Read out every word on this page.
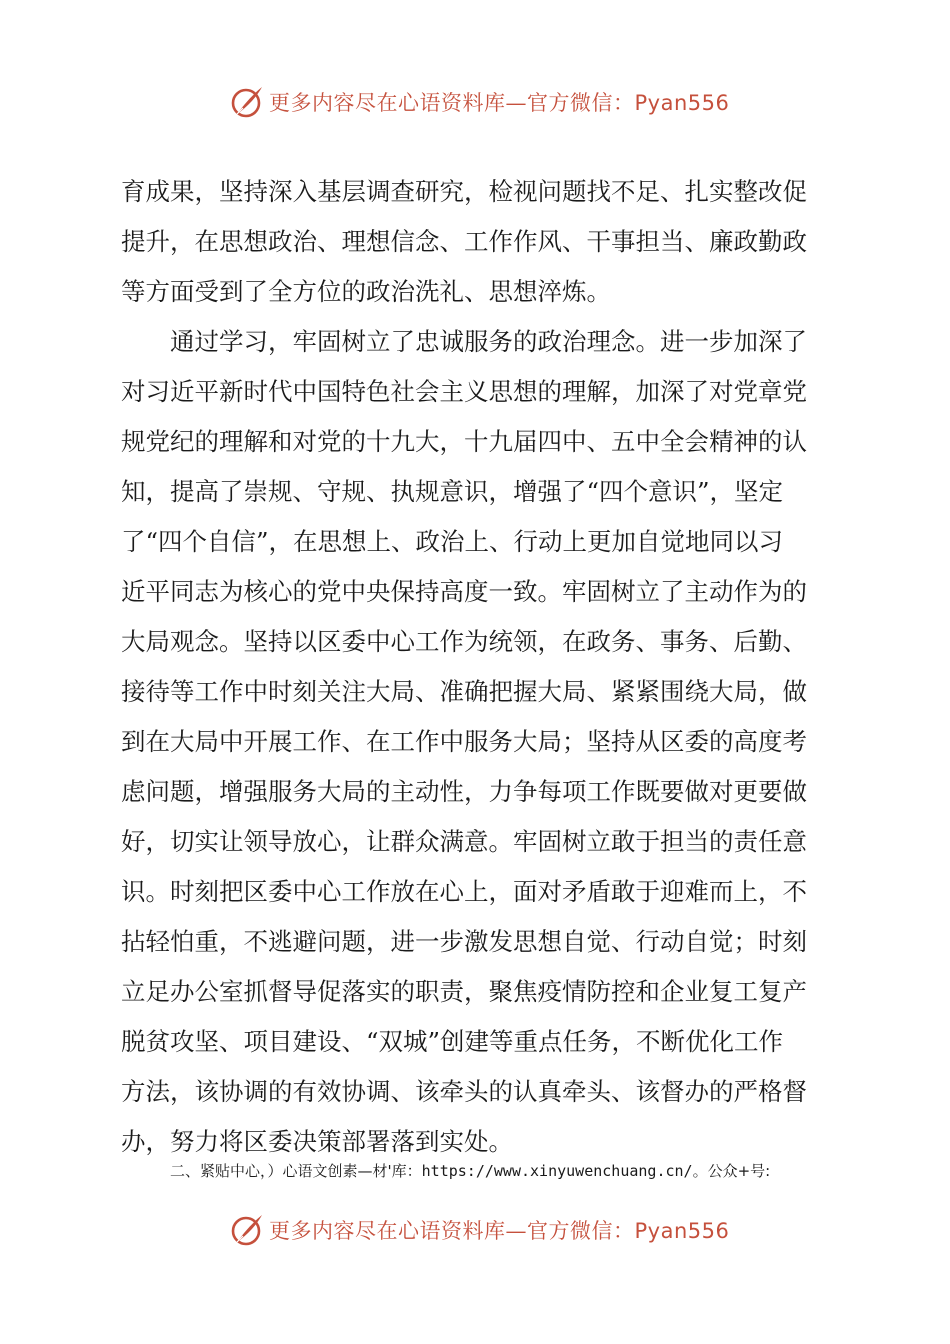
更多内容尽在心语资料库—官方微信：Pyan556
育成果，坚持深入基层调查研究，检视问题找不足、扎实整改促
提升，在思想政治、理想信念、工作作风、干事担当、廉政勤政
等方面受到了全方位的政治洗礼、思想淬炼。
通过学习，牢固树立了忠诚服务的政治理念。进一步加深了
对习近平新时代中国特色社会主义思想的理解，加深了对党章党
规党纪的理解和对党的十九大，十九届四中、五中全会精神的认
知，提高了崇规、守规、执规意识，增强了“四个意识”，坚定
了“四个自信”，在思想上、政治上、行动上更加自觉地同以习
近平同志为核心的党中央保持高度一致。牢固树立了主动作为的
大局观念。坚持以区委中心工作为统领，在政务、事务、后勤、
接待等工作中时刻关注大局、准确把握大局、紧紧围绕大局，做
到在大局中开展工作、在工作中服务大局；坚持从区委的高度考
虑问题，增强服务大局的主动性，力争每项工作既要做对更要做
好，切实让领导放心，让群众满意。牢固树立敢于担当的责任意
识。时刻把区委中心工作放在心上，面对矛盾敢于迎难而上，不
拈轻怕重，不逃避问题，进一步激发思想自觉、行动自觉；时刻
立足办公室抓督导促落实的职责，聚焦疫情防控和企业复工复产
脱贫攻坚、项目建设、“双城”创建等重点任务，不断优化工作
方法，该协调的有效协调、该牵头的认真牵头、该督办的严格督
办，努力将区委决策部署落到实处。
二、紧贴中心，）心语文创素—材'库：https://www.xinyuwenchuang.cn/。公众+号:
更多内容尽在心语资料库—官方微信：Pyan556
